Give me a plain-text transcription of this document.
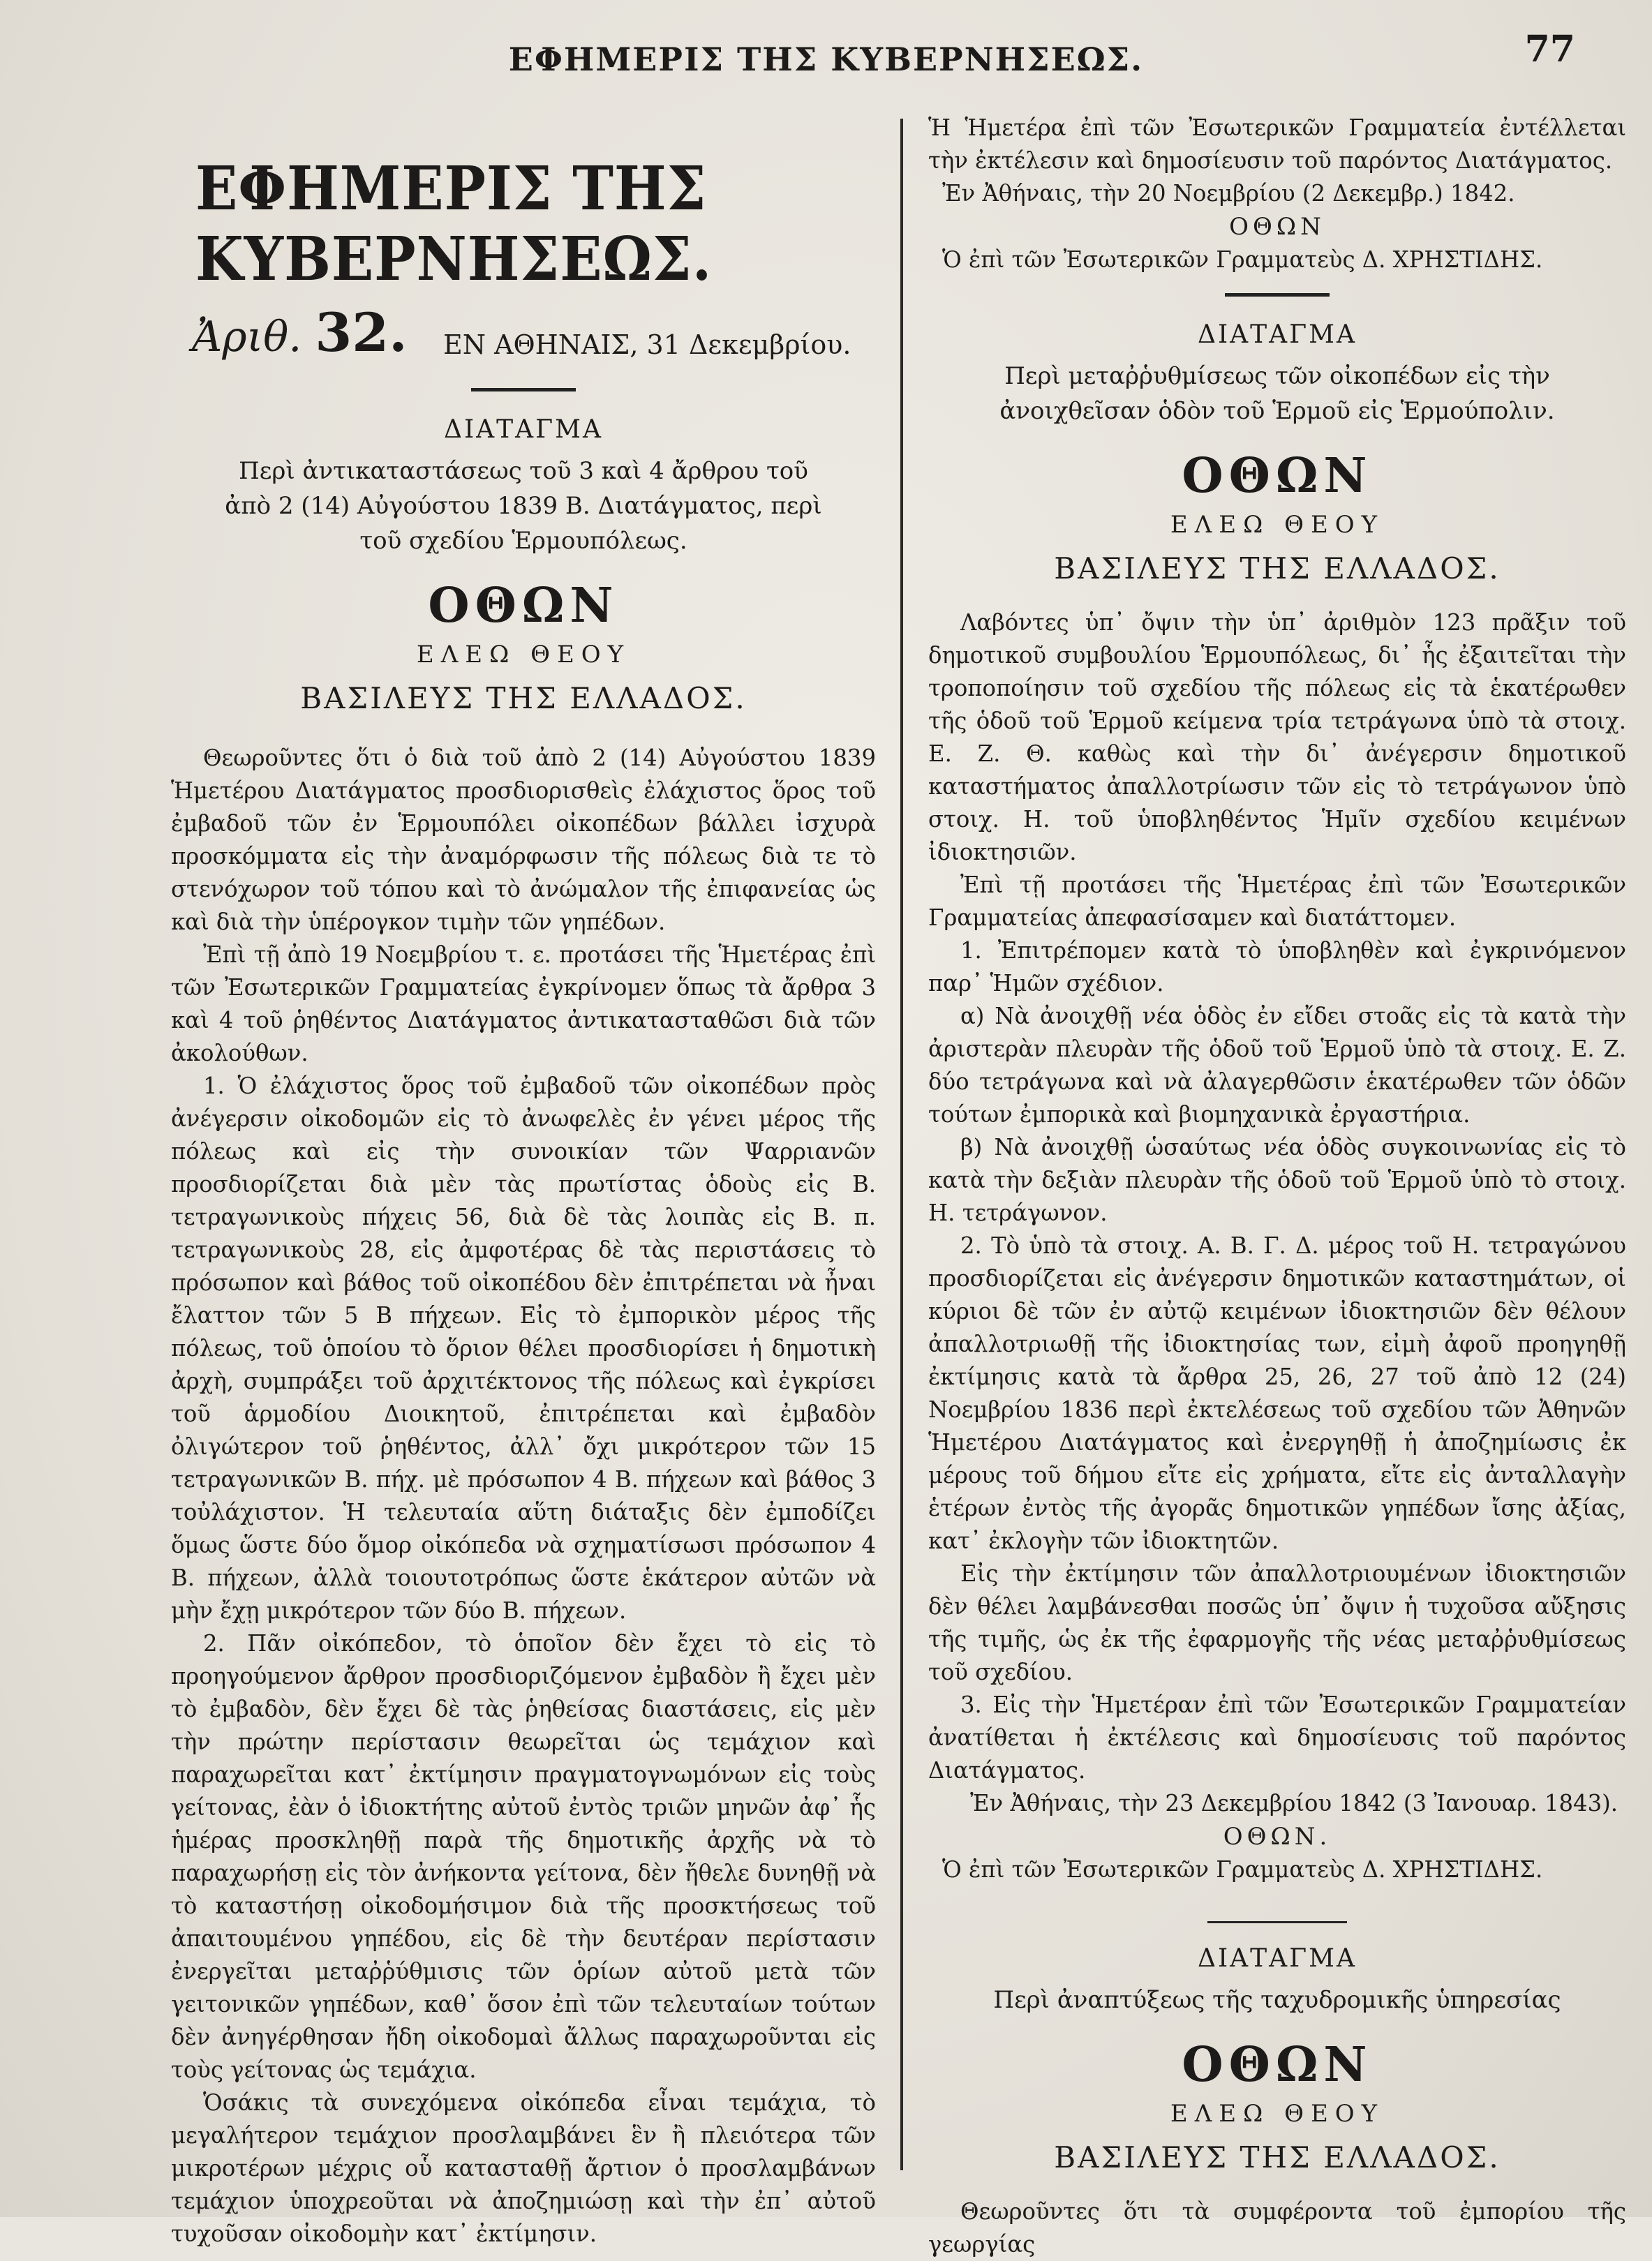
ΕΦΗΜΕΡΙΣ ΤΗΣ ΚΥΒΕΡΝΗΣΕΩΣ.	77
ΕΦΗΜΕΡΙΣ ΤΗΣ ΚΥΒΕΡΝΗΣΕΩΣ.
Ἀριθ. 32. ΕΝ ΑΘΗΝΑΙΣ, 31 Δεκεμβρίου.
ΔΙΑΤΑΓΜΑ
Περὶ ἀντικαταστάσεως τοῦ 3 καὶ 4 ἄρθρου τοῦ ἀπὸ 2 (14) Αὐγούστου 1839 Β. Διατάγματος, περὶ τοῦ σχεδίου Ἑρμουπόλεως.
ΟΘΩΝ
ΕΛΕΩ ΘΕΟΥ
ΒΑΣΙΛΕΥΣ ΤΗΣ ΕΛΛΑΔΟΣ.

Θεωροῦντες ὅτι ὁ διὰ τοῦ ἀπὸ 2 (14) Αὐγούστου 1839 Ἡμετέρου Διατάγματος προσδιορισθεὶς ἐλάχιστος ὅρος τοῦ ἐμβαδοῦ τῶν ἐν Ἑρμουπόλει οἰκοπέδων βάλλει ἰσχυρὰ προσκόμματα εἰς τὴν ἀναμόρφωσιν τῆς πόλεως διὰ τε τὸ στενόχωρον τοῦ τόπου καὶ τὸ ἀνώμαλον τῆς ἐπιφανείας ὡς καὶ διὰ τὴν ὑπέρογκον τιμὴν τῶν γηπέδων.

Ἐπὶ τῇ ἀπὸ 19 Νοεμβρίου τ. ε. προτάσει τῆς Ἡμετέρας ἐπὶ τῶν Ἐσωτερικῶν Γραμματείας ἐγκρίνομεν ὅπως τὰ ἄρθρα 3 καὶ 4 τοῦ ῥηθέντος Διατάγματος ἀντικατασταθῶσι διὰ τῶν ἀκολούθων.

1. Ὁ ἐλάχιστος ὅρος τοῦ ἐμβαδοῦ τῶν οἰκοπέδων πρὸς ἀνέγερσιν οἰκοδομῶν εἰς τὸ ἀνωφελὲς ἐν γένει μέρος τῆς πόλεως καὶ εἰς τὴν συνοικίαν τῶν Ψαρριανῶν προσδιορίζεται διὰ μὲν τὰς πρωτίστας ὁδοὺς εἰς Β. τετραγωνικοὺς πήχεις 56, διὰ δὲ τὰς λοιπὰς εἰς Β. π. τετραγωνικοὺς 28, εἰς ἀμφοτέρας δὲ τὰς περιστάσεις τὸ πρόσωπον καὶ βάθος τοῦ οἰκοπέδου δὲν ἐπιτρέπεται νὰ ἦναι ἔλαττον τῶν 5 Β πήχεων. Εἰς τὸ ἐμπορικὸν μέρος τῆς πόλεως, τοῦ ὁποίου τὸ ὅριον θέλει προσδιορίσει ἡ δημοτικὴ ἀρχὴ, συμπράξει τοῦ ἀρχιτέκτονος τῆς πόλεως καὶ ἐγκρίσει τοῦ ἁρμοδίου Διοικητοῦ, ἐπιτρέπεται καὶ ἐμβαδὸν ὀλιγώτερον τοῦ ῥηθέντος, ἀλλ᾽ ὄχι μικρότερον τῶν 15 τετραγωνικῶν Β. πήχ. μὲ πρόσωπον 4 Β. πήχεων καὶ βάθος 3 τοὐλάχιστον. Ἡ τελευταία αὕτη διάταξις δὲν ἐμποδίζει ὅμως ὥστε δύο ὅμορ οἰκόπεδα νὰ σχηματίσωσι πρόσωπον 4 Β. πήχεων, ἀλλὰ τοιουτοτρόπως ὥστε ἑκάτερον αὐτῶν νὰ μὴν ἔχῃ μικρότερον τῶν δύο Β. πήχεων.

2. Πᾶν οἰκόπεδον, τὸ ὁποῖον δὲν ἔχει τὸ εἰς τὸ προηγούμενον ἄρθρον προσδιοριζόμενον ἐμβαδὸν ἢ ἔχει μὲν τὸ ἐμβαδὸν, δὲν ἔχει δὲ τὰς ῥηθείσας διαστάσεις, εἰς μὲν τὴν πρώτην περίστασιν θεωρεῖται ὡς τεμάχιον καὶ παραχωρεῖται κατ᾽ ἐκτίμησιν πραγματογνωμόνων εἰς τοὺς γείτονας, ἐὰν ὁ ἰδιοκτήτης αὐτοῦ ἐντὸς τριῶν μηνῶν ἀφ᾽ ἧς ἡμέρας προσκληθῇ παρὰ τῆς δημοτικῆς ἀρχῆς νὰ τὸ παραχωρήσῃ εἰς τὸν ἀνήκοντα γείτονα, δὲν ἤθελε δυνηθῇ νὰ τὸ καταστήσῃ οἰκοδομήσιμον διὰ τῆς προσκτήσεως τοῦ ἀπαιτουμένου γηπέδου, εἰς δὲ τὴν δευτέραν περίστασιν ἐνεργεῖται μεταῤῥύθμισις τῶν ὁρίων αὐτοῦ μετὰ τῶν γειτονικῶν γηπέδων, καθ᾽ ὅσον ἐπὶ τῶν τελευταίων τούτων δὲν ἀνηγέρθησαν ἤδη οἰκοδομαὶ ἄλλως παραχωροῦνται εἰς τοὺς γείτονας ὡς τεμάχια.

Ὁσάκις τὰ συνεχόμενα οἰκόπεδα εἶναι τεμάχια, τὸ μεγαλήτερον τεμάχιον προσλαμβάνει ἓν ἢ πλειότερα τῶν μικροτέρων μέχρις οὗ κατασταθῇ ἄρτιον ὁ προσλαμβάνων τεμάχιον ὑποχρεοῦται νὰ ἀποζημιώσῃ καὶ τὴν ἐπ᾽ αὐτοῦ τυχοῦσαν οἰκοδομὴν κατ᾽ ἐκτίμησιν.

Ἡ Ἡμετέρα ἐπὶ τῶν Ἐσωτερικῶν Γραμματεία ἐντέλλεται τὴν ἐκτέλεσιν καὶ δημοσίευσιν τοῦ παρόντος Διατάγματος.

Ἐν Ἀθήναις, τὴν 20 Νοεμβρίου (2 Δεκεμβρ.) 1842.
ΟΘΩΝ
Ὁ ἐπὶ τῶν Ἐσωτερικῶν Γραμματεὺς Δ. ΧΡΗΣΤΙΔΗΣ.
ΔΙΑΤΑΓΜΑ
Περὶ μεταῤῥυθμίσεως τῶν οἰκοπέδων εἰς τὴν ἀνοιχθεῖσαν ὁδὸν τοῦ Ἑρμοῦ εἰς Ἑρμούπολιν.
ΟΘΩΝ
ΕΛΕΩ ΘΕΟΥ
ΒΑΣΙΛΕΥΣ ΤΗΣ ΕΛΛΑΔΟΣ.

Λαβόντες ὑπ᾽ ὄψιν τὴν ὑπ᾽ ἀριθμὸν 123 πρᾶξιν τοῦ δημοτικοῦ συμβουλίου Ἑρμουπόλεως, δι᾽ ἧς ἐξαιτεῖται τὴν τροποποίησιν τοῦ σχεδίου τῆς πόλεως εἰς τὰ ἑκατέρωθεν τῆς ὁδοῦ τοῦ Ἑρμοῦ κείμενα τρία τετράγωνα ὑπὸ τὰ στοιχ. Ε. Ζ. Θ. καθὼς καὶ τὴν δι᾽ ἀνέγερσιν δημοτικοῦ καταστήματος ἀπαλλοτρίωσιν τῶν εἰς τὸ τετράγωνον ὑπὸ στοιχ. Η. τοῦ ὑποβληθέντος Ἡμῖν σχεδίου κειμένων ἰδιοκτησιῶν.

Ἐπὶ τῇ προτάσει τῆς Ἡμετέρας ἐπὶ τῶν Ἐσωτερικῶν Γραμματείας ἀπεφασίσαμεν καὶ διατάττομεν.

1. Ἐπιτρέπομεν κατὰ τὸ ὑποβληθὲν καὶ ἐγκρινόμενον παρ᾽ Ἡμῶν σχέδιον.

α) Νὰ ἀνοιχθῇ νέα ὁδὸς ἐν εἴδει στοᾶς εἰς τὰ κατὰ τὴν ἀριστερὰν πλευρὰν τῆς ὁδοῦ τοῦ Ἑρμοῦ ὑπὸ τὰ στοιχ. Ε. Ζ. δύο τετράγωνα καὶ νὰ ἀλαγερθῶσιν ἑκατέρωθεν τῶν ὁδῶν τούτων ἐμπορικὰ καὶ βιομηχανικὰ ἐργαστήρια.

β) Νὰ ἀνοιχθῇ ὡσαύτως νέα ὁδὸς συγκοινωνίας εἰς τὸ κατὰ τὴν δεξιὰν πλευρὰν τῆς ὁδοῦ τοῦ Ἑρμοῦ ὑπὸ τὸ στοιχ. Η. τετράγωνον.

2. Τὸ ὑπὸ τὰ στοιχ. Α. Β. Γ. Δ. μέρος τοῦ Η. τετραγώνου προσδιορίζεται εἰς ἀνέγερσιν δημοτικῶν καταστημάτων, οἱ κύριοι δὲ τῶν ἐν αὐτῷ κειμένων ἰδιοκτησιῶν δὲν θέλουν ἀπαλλοτριωθῇ τῆς ἰδιοκτησίας των, εἰμὴ ἀφοῦ προηγηθῇ ἐκτίμησις κατὰ τὰ ἄρθρα 25, 26, 27 τοῦ ἀπὸ 12 (24) Νοεμβρίου 1836 περὶ ἐκτελέσεως τοῦ σχεδίου τῶν Ἀθηνῶν Ἡμετέρου Διατάγματος καὶ ἐνεργηθῇ ἡ ἀποζημίωσις ἐκ μέρους τοῦ δήμου εἴτε εἰς χρήματα, εἴτε εἰς ἀνταλλαγὴν ἑτέρων ἐντὸς τῆς ἀγορᾶς δημοτικῶν γηπέδων ἴσης ἀξίας, κατ᾽ ἐκλογὴν τῶν ἰδιοκτητῶν.

Εἰς τὴν ἐκτίμησιν τῶν ἀπαλλοτριουμένων ἰδιοκτησιῶν δὲν θέλει λαμβάνεσθαι ποσῶς ὑπ᾽ ὄψιν ἡ τυχοῦσα αὔξησις τῆς τιμῆς, ὡς ἐκ τῆς ἐφαρμογῆς τῆς νέας μεταῤῥυθμίσεως τοῦ σχεδίου.

3. Εἰς τὴν Ἡμετέραν ἐπὶ τῶν Ἐσωτερικῶν Γραμματείαν ἀνατίθεται ἡ ἐκτέλεσις καὶ δημοσίευσις τοῦ παρόντος Διατάγματος.

Ἐν Ἀθήναις, τὴν 23 Δεκεμβρίου 1842 (3 Ἰανουαρ. 1843).
ΟΘΩΝ.
Ὁ ἐπὶ τῶν Ἐσωτερικῶν Γραμματεὺς Δ. ΧΡΗΣΤΙΔΗΣ.
ΔΙΑΤΑΓΜΑ
Περὶ ἀναπτύξεως τῆς ταχυδρομικῆς ὑπηρεσίας
ΟΘΩΝ
ΕΛΕΩ ΘΕΟΥ
ΒΑΣΙΛΕΥΣ ΤΗΣ ΕΛΛΑΔΟΣ.

Θεωροῦντες ὅτι τὰ συμφέροντα τοῦ ἐμπορίου τῆς γεωργίας
